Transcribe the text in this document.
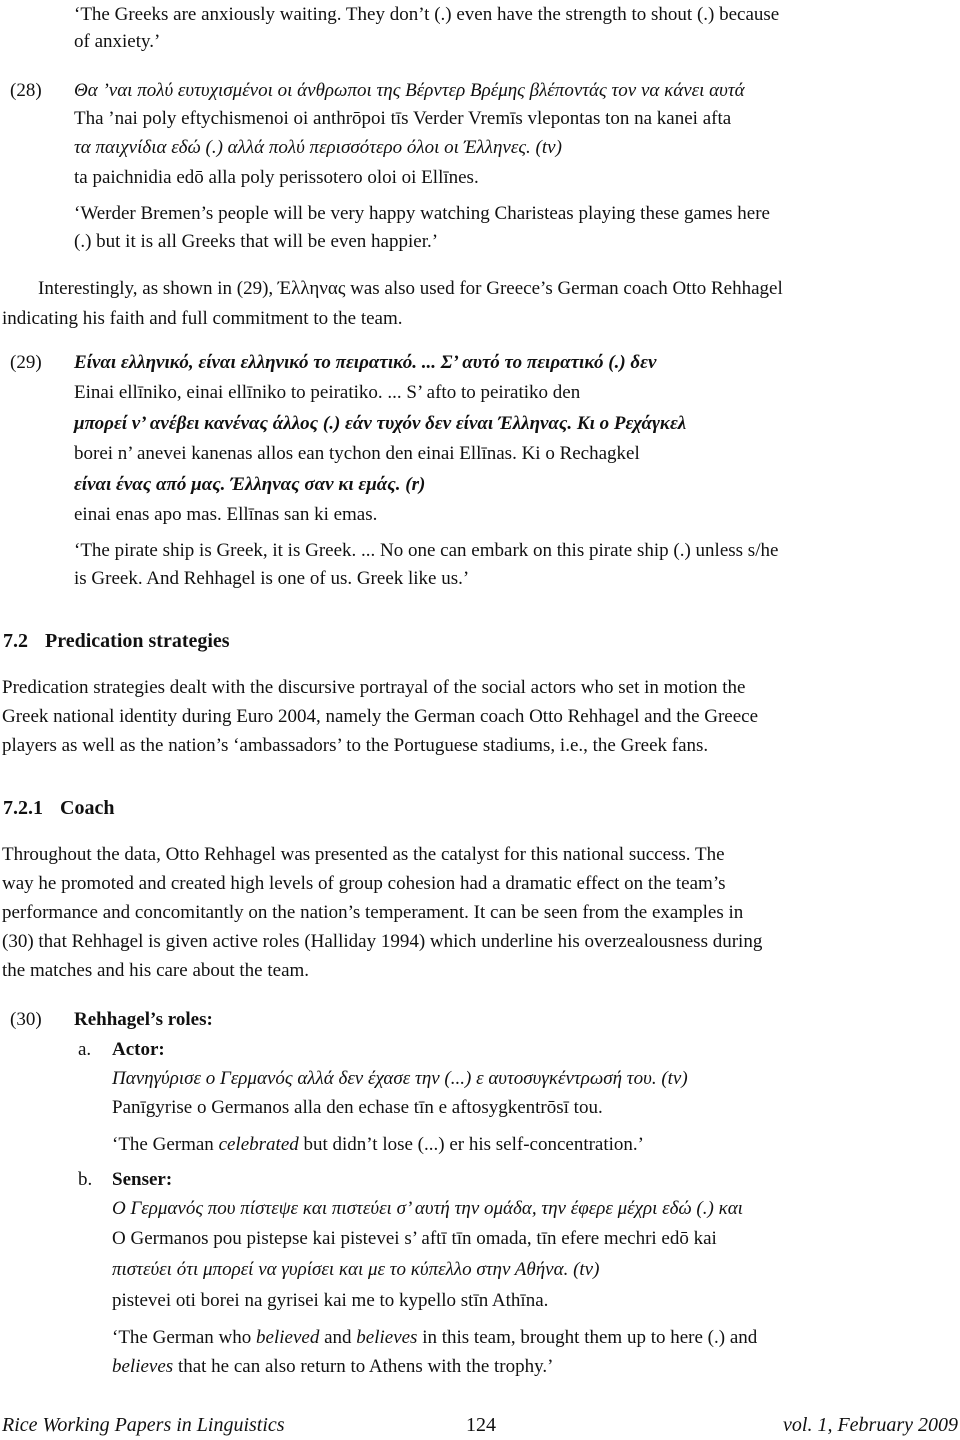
‘The Greeks are anxiously waiting. They don’t (.) even have the strength to shout (.) because
of anxiety.’
(28) Θα ’ναι πολύ ευτυχισμένοι οι άνθρωποι της Βέρντερ Βρέμης βλέποντάς τον να κάνει αυτά
Tha ’nai poly eftychismenoi oi anthrōpoi tīs Verder Vremīs vlepontas ton na kanei afta
τα παιχνίδια εδώ (.) αλλά πολύ περισσότερο όλοι οι Έλληνες. (tv)
ta paichnidia edō alla poly perissotero oloi oi Ellīnes.
‘Werder Bremen’s people will be very happy watching Charisteas playing these games here
(.) but it is all Greeks that will be even happier.’
Interestingly, as shown in (29), Έλληνας was also used for Greece’s German coach Otto Rehhagel
indicating his faith and full commitment to the team.
(29) Είναι ελληνικό, είναι ελληνικό το πειρατικό. ... Σ’ αυτό το πειρατικό (.) δεν
Einai ellīniko, einai ellīniko to peiratiko. ... S’ afto to peiratiko den
μπορεί ν’ ανέβει κανένας άλλος (.) εάν τυχόν δεν είναι Έλληνας. Κι ο Ρεχάγκελ
borei n’ anevei kanenas allos ean tychon den einai Ellīnas. Ki o Rechagkel
είναι ένας από μας. Έλληνας σαν κι εμάς. (r)
einai enas apo mas. Ellīnas san ki emas.
‘The pirate ship is Greek, it is Greek. ... No one can embark on this pirate ship (.) unless s/he
is Greek. And Rehhagel is one of us. Greek like us.’
7.2 Predication strategies
Predication strategies dealt with the discursive portrayal of the social actors who set in motion the
Greek national identity during Euro 2004, namely the German coach Otto Rehhagel and the Greece
players as well as the nation’s ‘ambassadors’ to the Portuguese stadiums, i.e., the Greek fans.
7.2.1 Coach
Throughout the data, Otto Rehhagel was presented as the catalyst for this national success. The
way he promoted and created high levels of group cohesion had a dramatic effect on the team’s
performance and concomitantly on the nation’s temperament. It can be seen from the examples in
(30) that Rehhagel is given active roles (Halliday 1994) which underline his overzealousness during
the matches and his care about the team.
(30) Rehhagel’s roles:
a. Actor:
Πανηγύρισε ο Γερμανός αλλά δεν έχασε την (...) ε αυτοσυγκέντρωσή του. (tv)
Panīgyrise o Germanos alla den echase tīn e aftosygkentrōsī tou.
‘The German celebrated but didn’t lose (...) er his self-concentration.’
b. Senser:
Ο Γερμανός που πίστεψε και πιστεύει σ’ αυτή την ομάδα, την έφερε μέχρι εδώ (.) και
O Germanos pou pistepse kai pistevei s’ aftī tīn omada, tīn efere mechri edō kai
πιστεύει ότι μπορεί να γυρίσει και με το κύπελλο στην Αθήνα. (tv)
pistevei oti borei na gyrisei kai me to kypello stīn Athīna.
‘The German who believed and believes in this team, brought them up to here (.) and
believes that he can also return to Athens with the trophy.’
Rice Working Papers in Linguistics	124	vol. 1, February 2009
